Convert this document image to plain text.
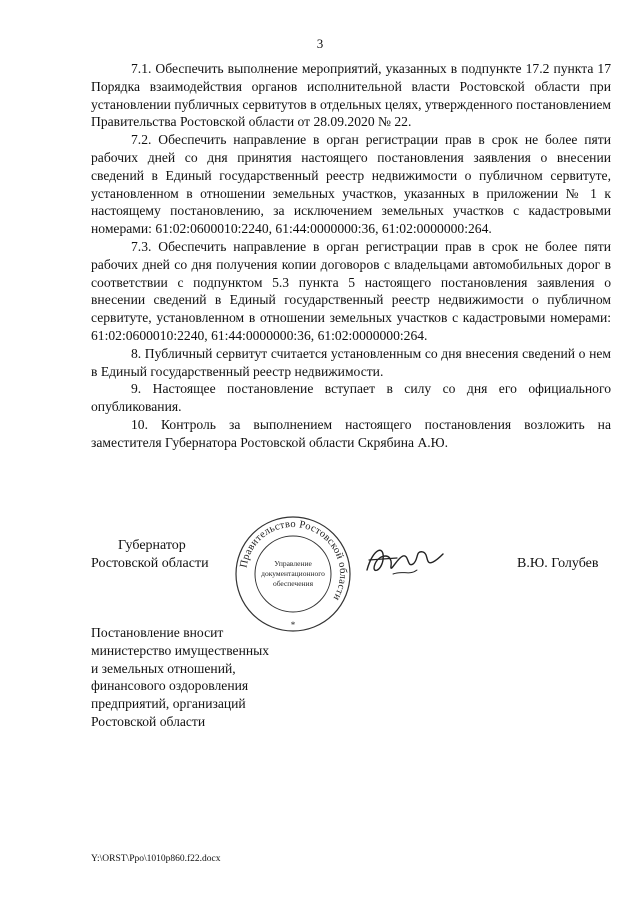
3

7.1. Обеспечить выполнение мероприятий, указанных в подпункте 17.2 пункта 17 Порядка взаимодействия органов исполнительной власти Ростовской области при установлении публичных сервитутов в отдельных целях, утвержденного постановлением Правительства Ростовской области от 28.09.2020 № 22.

7.2. Обеспечить направление в орган регистрации прав в срок не более пяти рабочих дней со дня принятия настоящего постановления заявления о внесении сведений в Единый государственный реестр недвижимости о публичном сервитуте, установленном в отношении земельных участков, указанных в приложении № 1 к настоящему постановлению, за исключением земельных участков с кадастровыми номерами: 61:02:0600010:2240, 61:44:0000000:36, 61:02:0000000:264.

7.3. Обеспечить направление в орган регистрации прав в срок не более пяти рабочих дней со дня получения копии договоров с владельцами автомобильных дорог в соответствии с подпунктом 5.3 пункта 5 настоящего постановления заявления о внесении сведений в Единый государственный реестр недвижимости о публичном сервитуте, установленном в отношении земельных участков с кадастровыми номерами: 61:02:0600010:2240, 61:44:0000000:36, 61:02:0000000:264.

8. Публичный сервитут считается установленным со дня внесения сведений о нем в Единый государственный реестр недвижимости.

9. Настоящее постановление вступает в силу со дня его официального опубликования.

10. Контроль за выполнением настоящего постановления возложить на заместителя Губернатора Ростовской области Скрябина А.Ю.

Губернатор
Ростовской области	Правительство Ростовской области
Управление
документационного
обеспечения
*
В.Ю. Голубев
Постановление вносит
министерство имущественных
и земельных отношений,
финансового оздоровления
предприятий, организаций
Ростовской области
Y:\ORST\Ppo\1010p860.f22.docx
